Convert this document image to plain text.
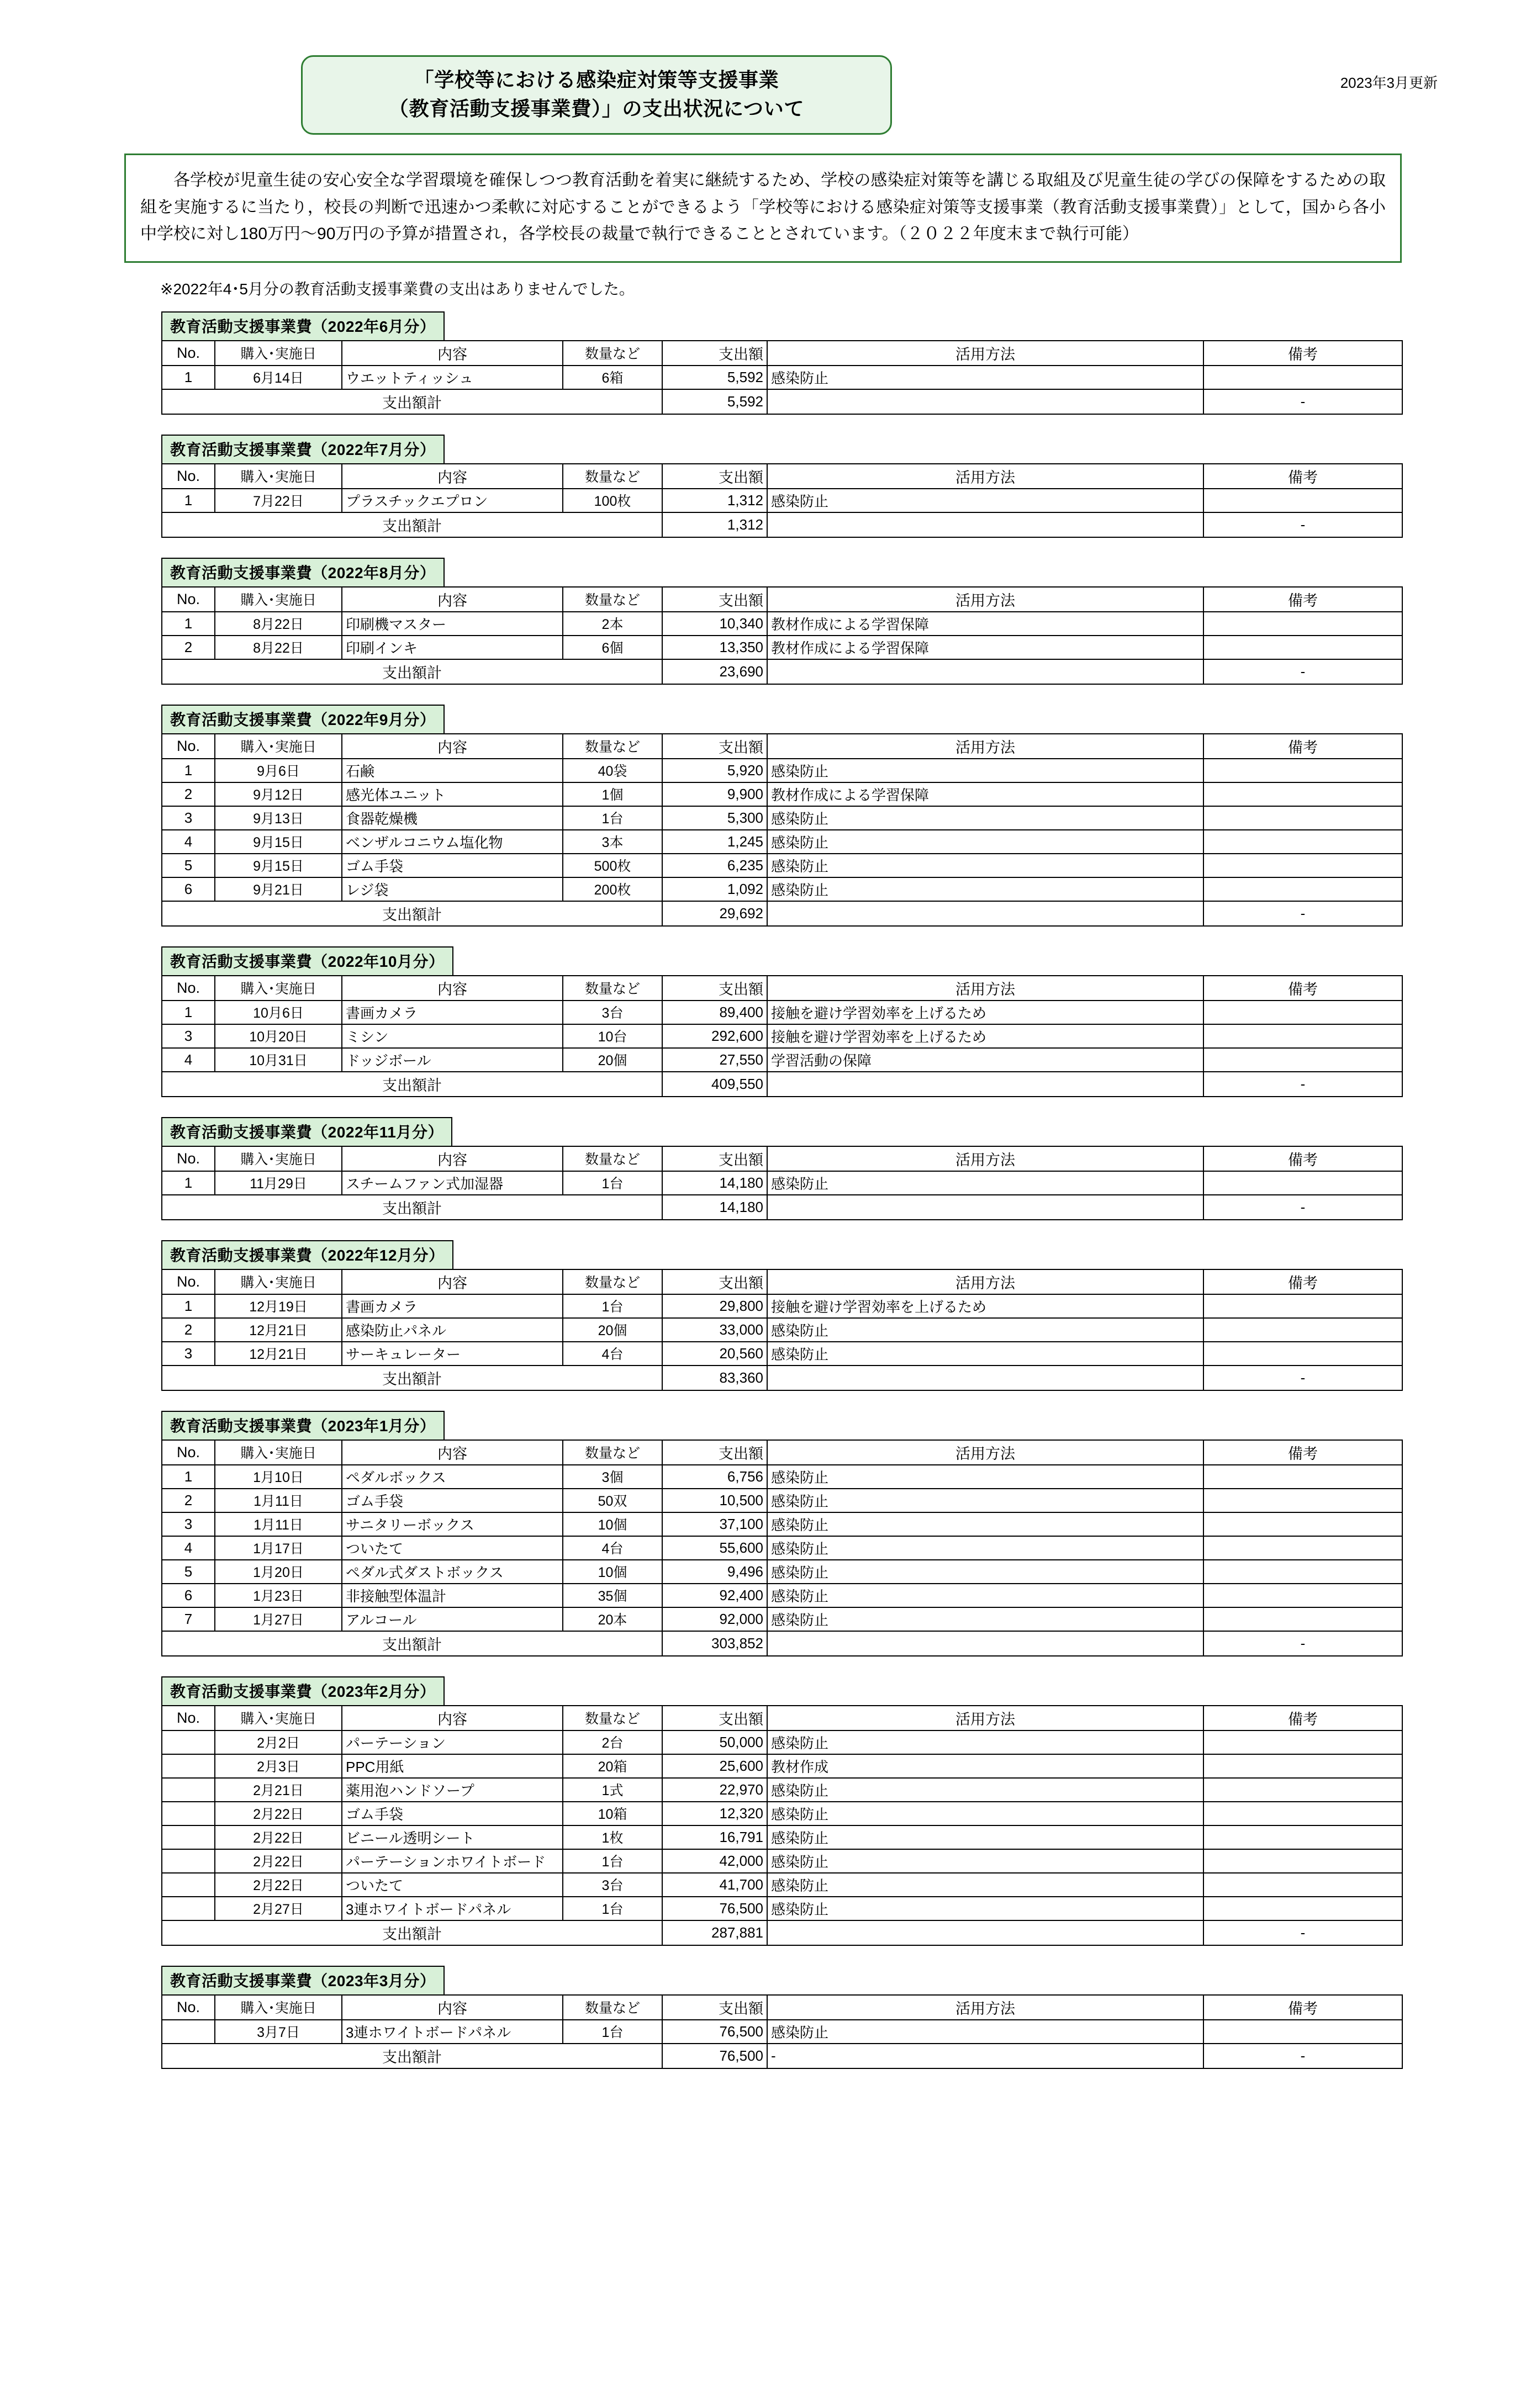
「学校等における感染症対策等支援事業
（教育活動支援事業費）」の支出状況について
2023年3月更新

各学校が児童生徒の安心安全な学習環境を確保しつつ教育活動を着実に継続するため、学校の感染症対策等を講じる取組及び児童生徒の学びの保障をするための取組を実施するに当たり，校長の判断で迅速かつ柔軟に対応することができるよう「学校等における感染症対策等支援事業（教育活動支援事業費）」として，国から各小中学校に対し180万円～90万円の予算が措置され，各学校長の裁量で執行できることとされています。（２０２２年度末まで執行可能）

※2022年4･5月分の教育活動支援事業費の支出はありませんでした。
教育活動支援事業費（2022年6月分）
No.	購入･実施日	内容	数量など	支出額	活用方法	備考
1	6月14日	ウエットティッシュ	6箱	5,592	感染防止	
支出額計				5,592		-
教育活動支援事業費（2022年7月分）
No.	購入･実施日	内容	数量など	支出額	活用方法	備考
1	7月22日	プラスチックエプロン	100枚	1,312	感染防止	
支出額計				1,312		-
教育活動支援事業費（2022年8月分）
No.	購入･実施日	内容	数量など	支出額	活用方法	備考
1	8月22日	印刷機マスター	2本	10,340	教材作成による学習保障	
2	8月22日	印刷インキ	6個	13,350	教材作成による学習保障	
支出額計				23,690		-
教育活動支援事業費（2022年9月分）
No.	購入･実施日	内容	数量など	支出額	活用方法	備考
1	9月6日	石鹸	40袋	5,920	感染防止	
2	9月12日	感光体ユニット	1個	9,900	教材作成による学習保障	
3	9月13日	食器乾燥機	1台	5,300	感染防止	
4	9月15日	ベンザルコニウム塩化物	3本	1,245	感染防止	
5	9月15日	ゴム手袋	500枚	6,235	感染防止	
6	9月21日	レジ袋	200枚	1,092	感染防止	
支出額計				29,692		-
教育活動支援事業費（2022年10月分）
No.	購入･実施日	内容	数量など	支出額	活用方法	備考
1	10月6日	書画カメラ	3台	89,400	接触を避け学習効率を上げるため	
3	10月20日	ミシン	10台	292,600	接触を避け学習効率を上げるため	
4	10月31日	ドッジボール	20個	27,550	学習活動の保障	
支出額計				409,550		-
教育活動支援事業費（2022年11月分）
No.	購入･実施日	内容	数量など	支出額	活用方法	備考
1	11月29日	スチームファン式加湿器	1台	14,180	感染防止	
支出額計				14,180		-
教育活動支援事業費（2022年12月分）
No.	購入･実施日	内容	数量など	支出額	活用方法	備考
1	12月19日	書画カメラ	1台	29,800	接触を避け学習効率を上げるため	
2	12月21日	感染防止パネル	20個	33,000	感染防止	
3	12月21日	サーキュレーター	4台	20,560	感染防止	
支出額計				83,360		-
教育活動支援事業費（2023年1月分）
No.	購入･実施日	内容	数量など	支出額	活用方法	備考
1	1月10日	ペダルボックス	3個	6,756	感染防止	
2	1月11日	ゴム手袋	50双	10,500	感染防止	
3	1月11日	サニタリーボックス	10個	37,100	感染防止	
4	1月17日	ついたて	4台	55,600	感染防止	
5	1月20日	ペダル式ダストボックス	10個	9,496	感染防止	
6	1月23日	非接触型体温計	35個	92,400	感染防止	
7	1月27日	アルコール	20本	92,000	感染防止	
支出額計				303,852		-
教育活動支援事業費（2023年2月分）
No.	購入･実施日	内容	数量など	支出額	活用方法	備考
	2月2日	パーテーション	2台	50,000	感染防止	
	2月3日	PPC用紙	20箱	25,600	教材作成	
	2月21日	薬用泡ハンドソープ	1式	22,970	感染防止	
	2月22日	ゴム手袋	10箱	12,320	感染防止	
	2月22日	ビニール透明シート	1枚	16,791	感染防止	
	2月22日	パーテーションホワイトボード	1台	42,000	感染防止	
	2月22日	ついたて	3台	41,700	感染防止	
	2月27日	3連ホワイトボードパネル	1台	76,500	感染防止	
支出額計				287,881		-
教育活動支援事業費（2023年3月分）
No.	購入･実施日	内容	数量など	支出額	活用方法	備考
	3月7日	3連ホワイトボードパネル	1台	76,500	感染防止	
支出額計				76,500	-	-
